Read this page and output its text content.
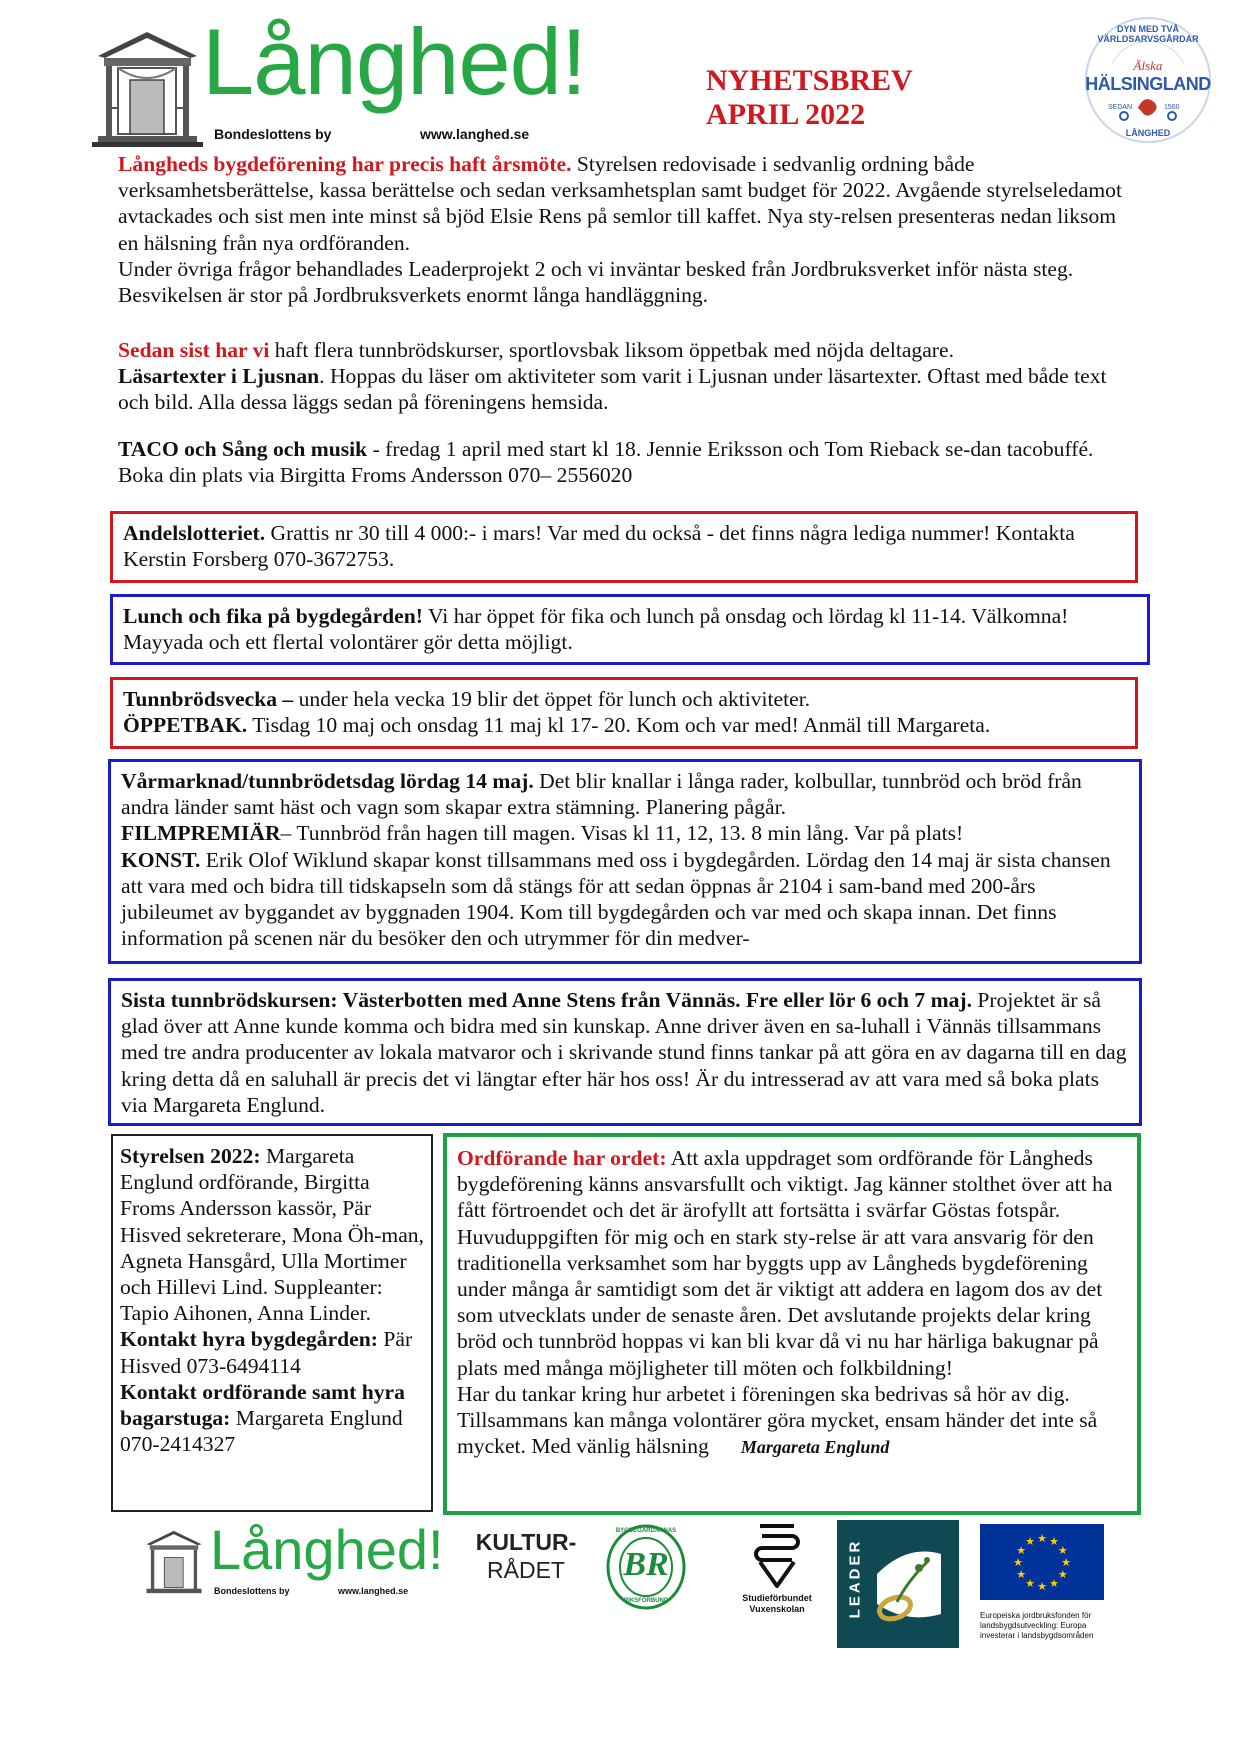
Långhed!
Bondeslottens by	www.langhed.se
NYHETSBREV
APRIL 2022
DYN MED TVÅ VÄRLDSARVSGÅRDAR
Älska
HÄLSINGLAND
SEDAN	1560
LÅNGHED

Långheds bygdeförening har precis haft årsmöte. Styrelsen redovisade i sedvanlig ordning både verksamhetsberättelse, kassa berättelse och sedan verksamhetsplan samt budget för 2022. Avgående styrelseledamot avtackades och sist men inte minst så bjöd Elsie Rens på semlor till kaffet. Nya sty-relsen presenteras nedan liksom en hälsning från nya ordföranden.

Under övriga frågor behandlades Leaderprojekt 2 och vi inväntar besked från Jordbruksverket inför nästa steg. Besvikelsen är stor på Jordbruksverkets enormt långa handläggning.

Sedan sist har vi haft flera tunnbrödskurser, sportlovsbak liksom öppetbak med nöjda deltagare.

Läsartexter i Ljusnan. Hoppas du läser om aktiviteter som varit i Ljusnan under läsartexter. Oftast med både text och bild. Alla dessa läggs sedan på föreningens hemsida.

TACO och Sång och musik - fredag 1 april med start kl 18. Jennie Eriksson och Tom Rieback se-dan tacobuffé. Boka din plats via Birgitta Froms Andersson 070– 2556020

Andelslotteriet. Grattis nr 30 till 4 000:- i mars! Var med du också - det finns några lediga nummer! Kontakta Kerstin Forsberg 070-3672753.
Lunch och fika på bygdegården! Vi har öppet för fika och lunch på onsdag och lördag kl 11-14. Välkomna! Mayyada och ett flertal volontärer gör detta möjligt.

Tunnbrödsvecka – under hela vecka 19 blir det öppet för lunch och aktiviteter.

ÖPPETBAK. Tisdag 10 maj och onsdag 11 maj kl 17- 20. Kom och var med! Anmäl till Margareta.

Vårmarknad/tunnbrödetsdag lördag 14 maj. Det blir knallar i långa rader, kolbullar, tunnbröd och bröd från andra länder samt häst och vagn som skapar extra stämning. Planering pågår.

FILMPREMIÄR– Tunnbröd från hagen till magen. Visas kl 11, 12, 13. 8 min lång. Var på plats!

KONST. Erik Olof Wiklund skapar konst tillsammans med oss i bygdegården. Lördag den 14 maj är sista chansen att vara med och bidra till tidskapseln som då stängs för att sedan öppnas år 2104 i sam-band med 200-års jubileumet av byggandet av byggnaden 1904. Kom till bygdegården och var med och skapa innan. Det finns information på scenen när du besöker den och utrymmer för din medver-

Sista tunnbrödskursen: Västerbotten med Anne Stens från Vännäs. Fre eller lör 6 och 7 maj. Projektet är så glad över att Anne kunde komma och bidra med sin kunskap. Anne driver även en sa-luhall i Vännäs tillsammans med tre andra producenter av lokala matvaror och i skrivande stund finns tankar på att göra en av dagarna till en dag kring detta då en saluhall är precis det vi längtar efter här hos oss! Är du intresserad av att vara med så boka plats via Margareta Englund.

Styrelsen 2022: Margareta Englund ordförande, Birgitta Froms Andersson kassör, Pär Hisved sekreterare, Mona Öh-man, Agneta Hansgård, Ulla Mortimer och Hillevi Lind. Suppleanter: Tapio Aihonen, Anna Linder.

Kontakt hyra bygdegården: Pär Hisved 073-6494114

Kontakt ordförande samt hyra bagarstuga: Margareta Englund 070-2414327

Ordförande har ordet: Att axla uppdraget som ordförande för Långheds bygdeförening känns ansvarsfullt och viktigt. Jag känner stolthet över att ha fått förtroendet och det är ärofyllt att fortsätta i svärfar Göstas fotspår. Huvuduppgiften för mig och en stark sty-relse är att vara ansvarig för den traditionella verksamhet som har byggts upp av Långheds bygdeförening under många år samtidigt som det är viktigt att addera en lagom dos av det som utvecklats under de senaste åren. Det avslutande projekts delar kring bröd och tunnbröd hoppas vi kan bli kvar då vi nu har härliga bakugnar på plats med många möjligheter till möten och folkbildning!

Har du tankar kring hur arbetet i föreningen ska bedrivas så hör av dig. Tillsammans kan många volontärer göra mycket, ensam händer det inte så mycket. Med vänlig hälsning Margareta Englund

Långhed!
Bondeslottens by	www.langhed.se
KULTUR-
RÅDET	BR
BYGDEGÅRDARNAS
RIKSFÖRBUND	Studieförbundet
Vuxenskolan	LEADER	★ ★
★
★
★
★
★
★
★
★
★
★
Europeiska jordbruksfonden för landsbygdsutveckling: Europa investerar i landsbygdsområden
